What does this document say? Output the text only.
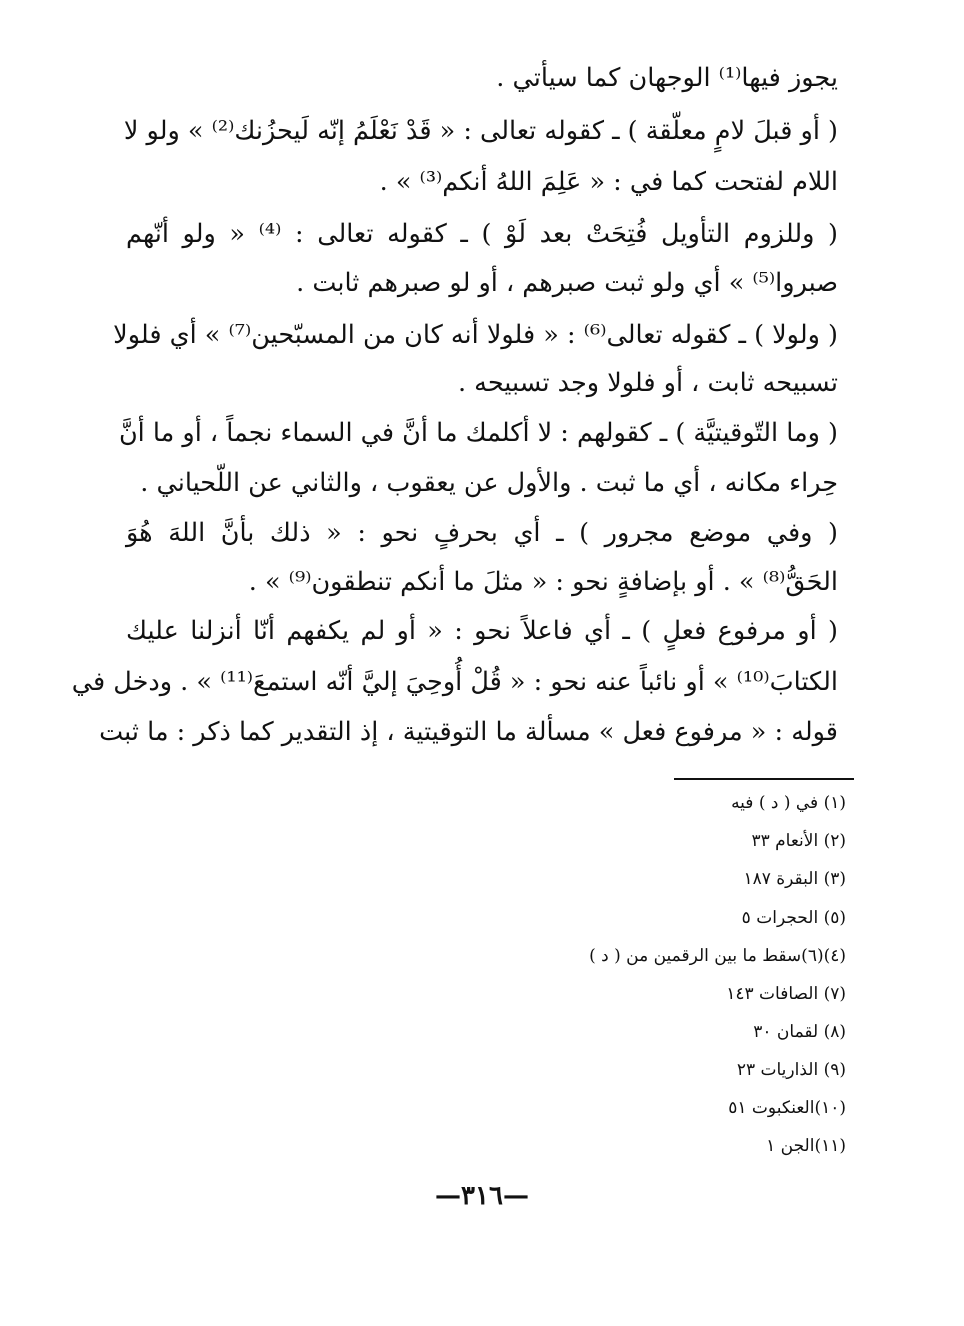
يجوز فيها⁽¹⁾ الوجهان كما سيأتي .
( أو قبلَ لامٍ معلّقة ) ـ كقوله تعالى : « قَدْ نَعْلَمُ إنّه لَيحزُنك⁽²⁾ » ولو لا
اللام لفتحت كما في : « عَلِمَ اللهُ أنكم⁽³⁾ » .
( وللزوم التأويل فُتِحَتْ بعد لَوْ ) ـ كقوله تعالى : ⁽⁴⁾ « ولو أنّهم
صبروا⁽⁵⁾ » أي ولو ثبت صبرهم ، أو لو صبرهم ثابت .
( ولولا ) ـ كقوله تعالى⁽⁶⁾ : « فلولا أنه كان من المسبّحين⁽⁷⁾ » أي فلولا
تسبيحه ثابت ، أو فلولا وجد تسبيحه .
( وما التّوقيتيَّة ) ـ كقولهم : لا أكلمك ما أنَّ في السماء نجماً ، أو ما أنَّ
حِراء مكانه ، أي ما ثبت . والأول عن يعقوب ، والثاني عن اللّحياني .
( وفي موضع مجرور ) ـ أي بحرفٍ نحو : « ذلك بأنَّ اللهَ هُوَ
الحَقُّ⁽⁸⁾ » . أو بإضافةٍ نحو : « مثلَ ما أنكم تنطقون⁽⁹⁾ » .
( أو مرفوع فعلٍ ) ـ أي فاعلاً نحو : « أو لم يكفهم أنّا أنزلنا عليك
الكتابَ⁽¹⁰⁾ » أو نائباً عنه نحو : « قُلْ أُوحِيَ إليَّ أنّه استمعَ⁽¹¹⁾ » . ودخل في
قوله : « مرفوع فعل » مسألة ما التوقيتية ، إذ التقدير كما ذكر : ما ثبت
(١) في ( د ) فيه
(٢) الأنعام ٣٣
(٣) البقرة ١٨٧
(٥) الحجرات ٥
(٤)(٦)سقط ما بين الرقمين من ( د )
(٧) الصافات ١٤٣
(٨) لقمان ٣٠
(٩) الذاريات ٢٣
(١٠)العنكبوت ٥١
(١١)الجن ١
—٣١٦—
